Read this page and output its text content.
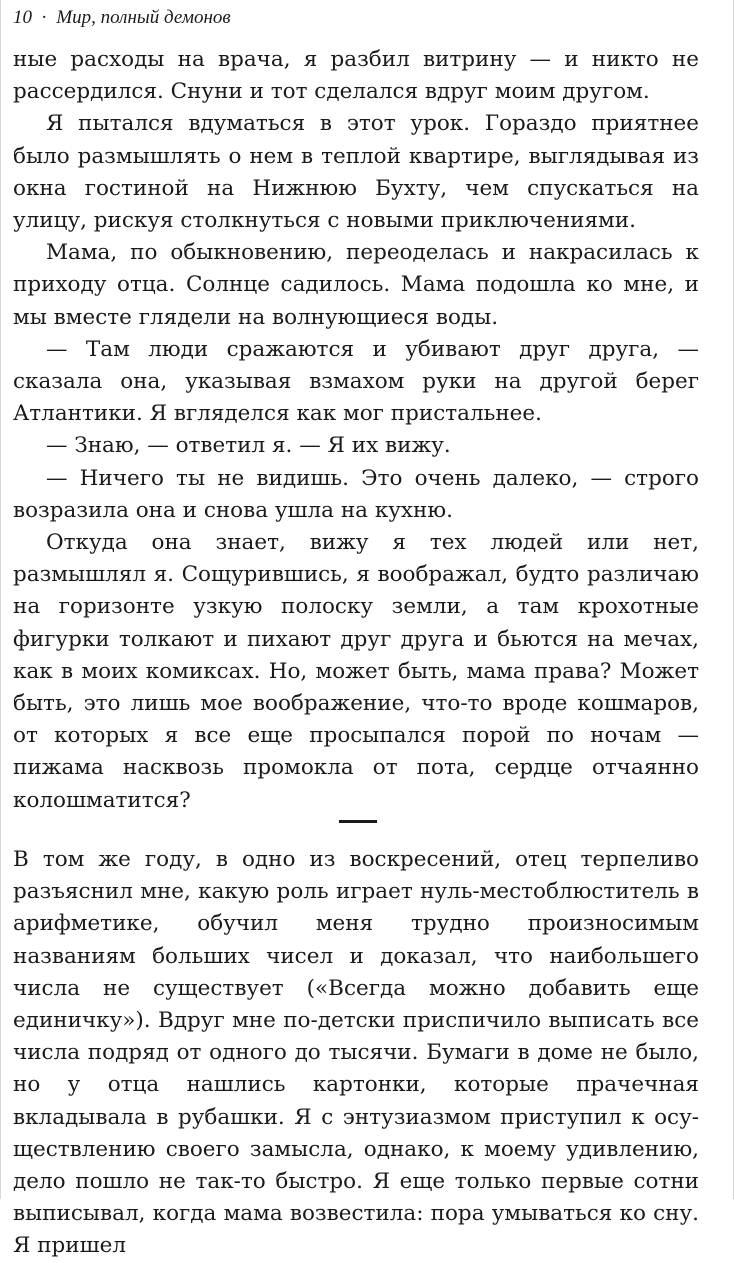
10 · Мир, полный демонов

ные расходы на врача, я разбил витрину — и никто не рассердился. Снуни и тот сделался вдруг моим другом.

Я пытался вдуматься в этот урок. Гораздо приятнее было размышлять о нем в теплой квартире, выглядывая из окна гостиной на Нижнюю Бухту, чем спускаться на улицу, рискуя столкнуться с новыми приключениями.

Мама, по обыкновению, переоделась и накрасилась к приходу отца. Солнце садилось. Мама подошла ко мне, и мы вместе глядели на волнующиеся воды.

— Там люди сражаются и убивают друг друга, — сказала она, указывая взмахом руки на другой берег Атлантики. Я вгляделся как мог пристальнее.

— Знаю, — ответил я. — Я их вижу.

— Ничего ты не видишь. Это очень далеко, — строго возразила она и снова ушла на кухню.

Откуда она знает, вижу я тех людей или нет, размышлял я. Сощурившись, я воображал, будто различаю на горизонте узкую полоску земли, а там крохотные фигурки толкают и пихают друг друга и бьются на мечах, как в моих комиксах. Но, может быть, мама права? Может быть, это лишь мое воображение, что-то вроде кошмаров, от которых я все еще просыпался порой по ночам — пижама насквозь промокла от пота, сердце отчаянно колошматится?

В том же году, в одно из воскресений, отец терпеливо разъяснил мне, какую роль играет нуль-местоблюститель в арифметике, обучил меня трудно произносимым названиям больших чисел и доказал, что наибольшего числа не существует («Всегда можно добавить еще единичку»). Вдруг мне по-детски приспичило выписать все числа подряд от одного до тысячи. Бумаги в доме не было, но у отца нашлись картонки, которые прачечная вкладывала в рубашки. Я с энтузиазмом приступил к осуществлению своего замысла, однако, к моему удивлению, дело пошло не так-то быстро. Я еще только первые сотни выписывал, когда мама возвестила: пора умываться ко сну. Я пришел
